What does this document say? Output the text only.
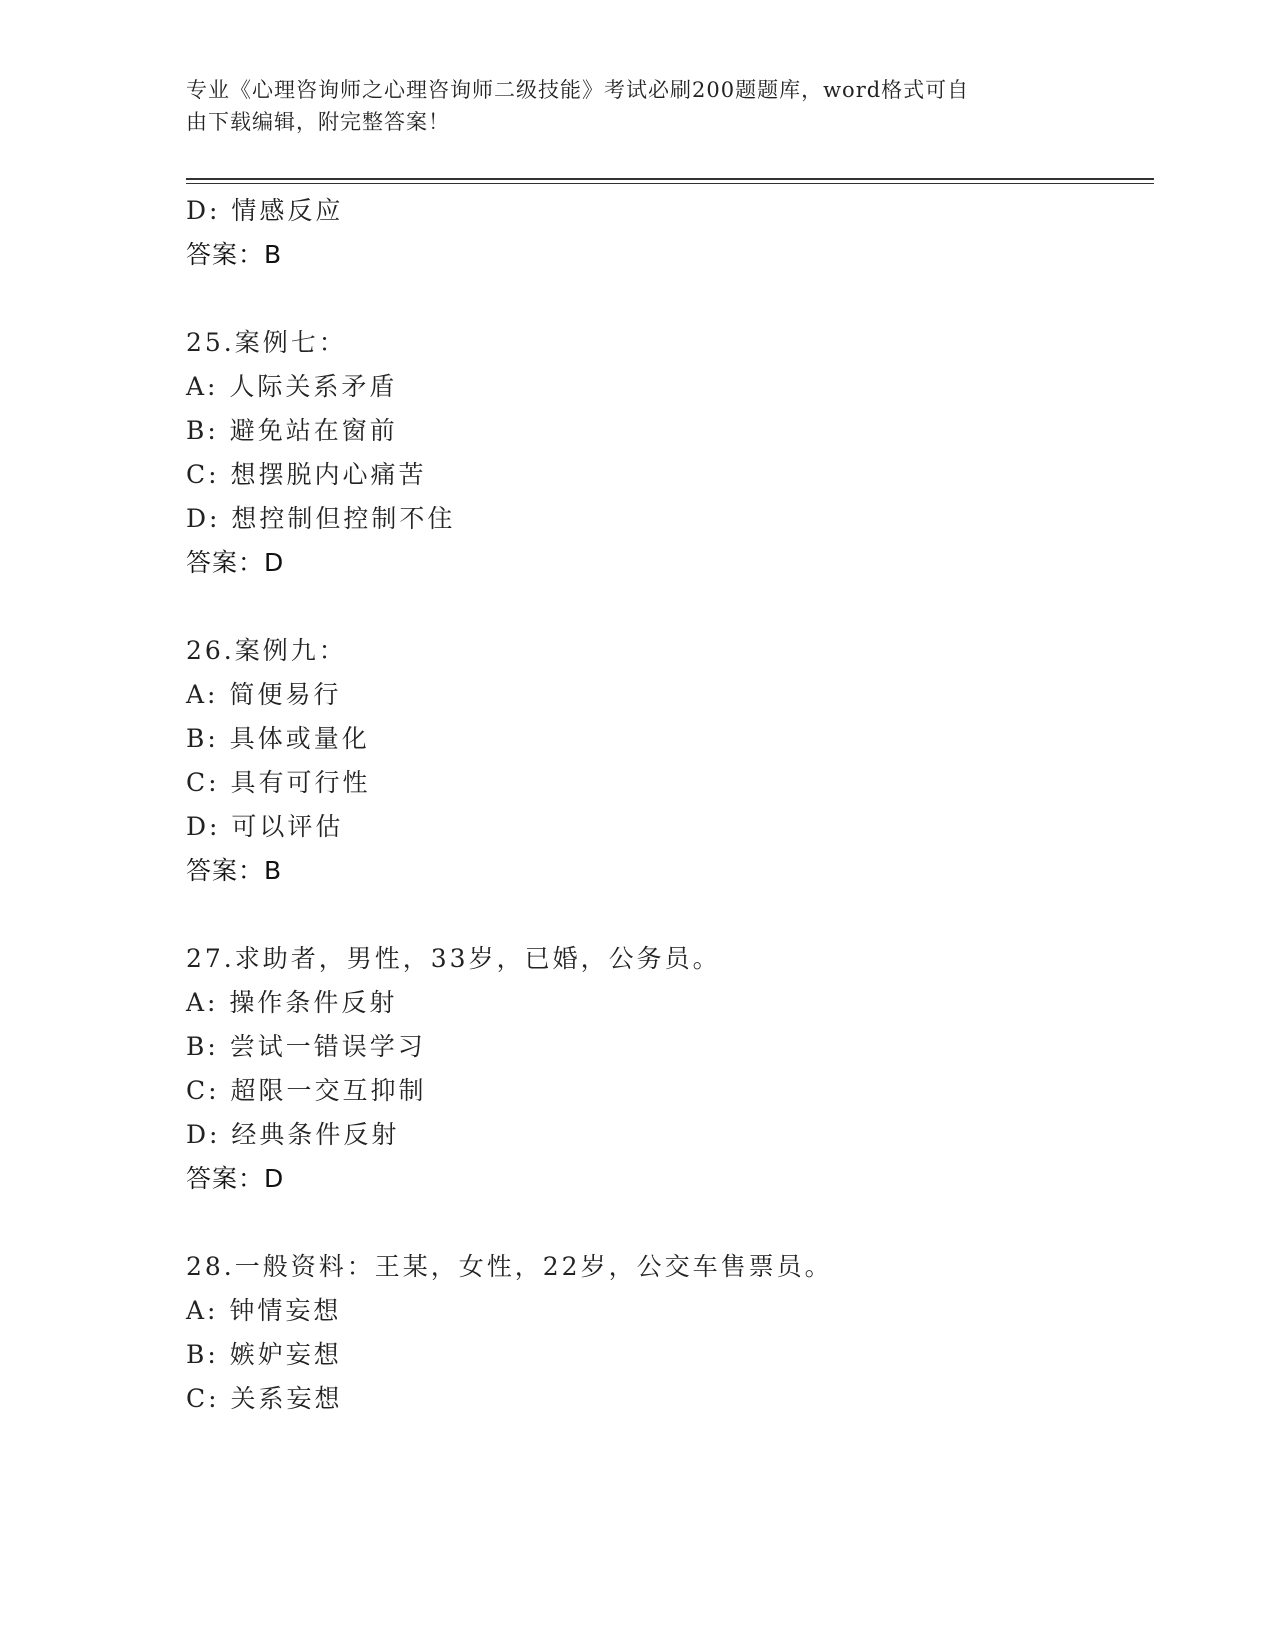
专业《心理咨询师之心理咨询师二级技能》考试必刷200题题库，word格式可自
由下载编辑，附完整答案！
D: 情感反应
答案：B
25.案例七：
A: 人际关系矛盾
B: 避免站在窗前
C: 想摆脱内心痛苦
D: 想控制但控制不住
答案：D
26.案例九：
A: 简便易行
B: 具体或量化
C: 具有可行性
D: 可以评估
答案：B
27.求助者，男性，33岁，已婚，公务员。
A: 操作条件反射
B: 尝试一错误学习
C: 超限一交互抑制
D: 经典条件反射
答案：D
28.一般资料：王某，女性，22岁，公交车售票员。
A: 钟情妄想
B: 嫉妒妄想
C: 关系妄想
